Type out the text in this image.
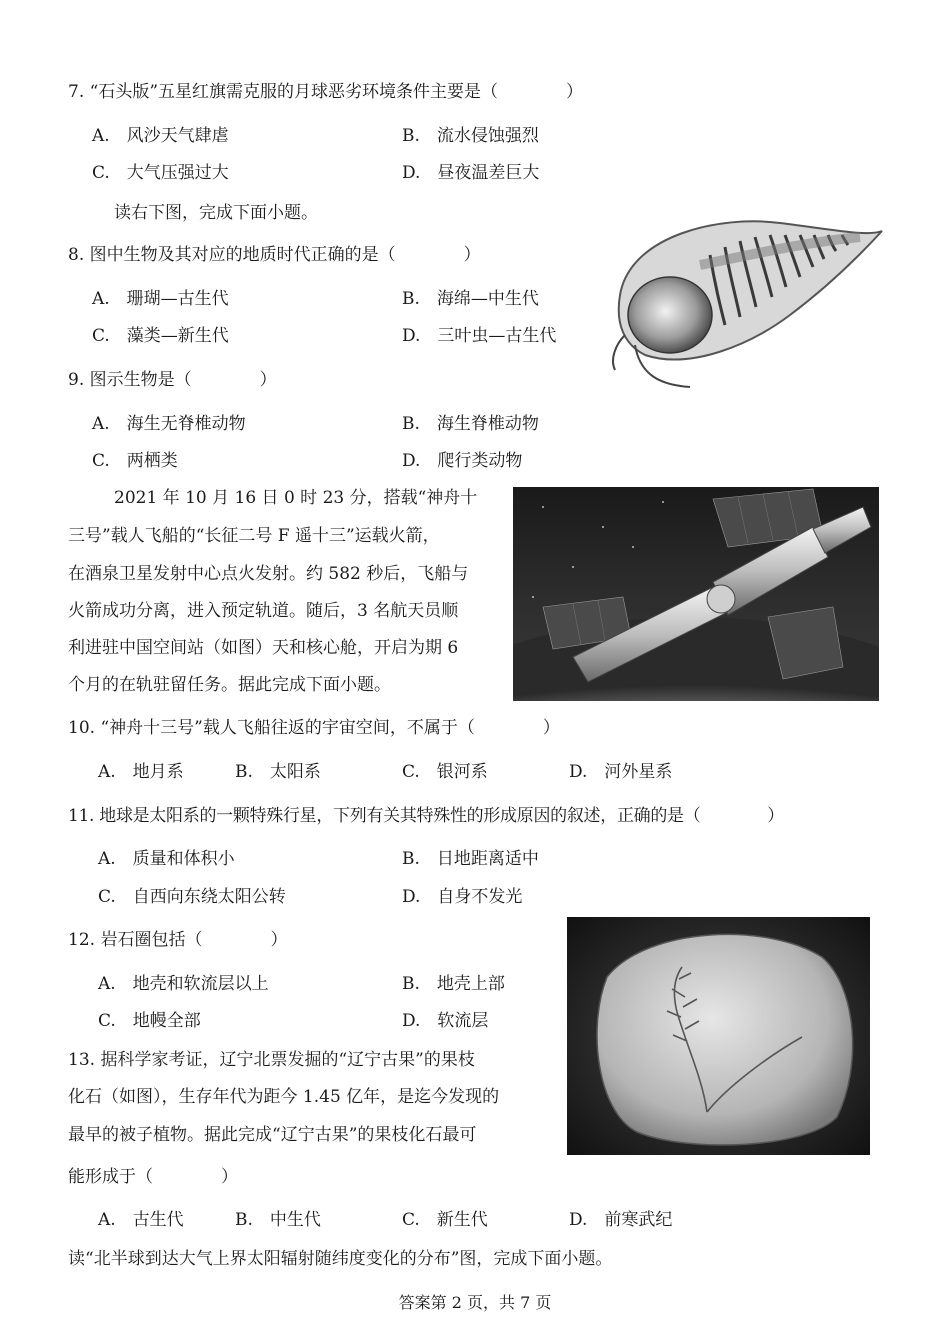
7. “石头版”五星红旗需克服的月球恶劣环境条件主要是（　　　　）
A.　风沙天气肆虐	B.　流水侵蚀强烈
C.　大气压强过大	D.　昼夜温差巨大
读右下图，完成下面小题。
8. 图中生物及其对应的地质时代正确的是（　　　　）
A.　珊瑚—古生代	B.　海绵—中生代
C.　藻类—新生代	D.　三叶虫—古生代
9. 图示生物是（　　　　）
A.　海生无脊椎动物	B.　海生脊椎动物
C.　两栖类	D.　爬行类动物
2021 年 10 月 16 日 0 时 23 分，搭载“神舟十
三号”载人飞船的“长征二号 F 遥十三”运载火箭，
在酒泉卫星发射中心点火发射。约 582 秒后，飞船与
火箭成功分离，进入预定轨道。随后，3 名航天员顺
利进驻中国空间站（如图）天和核心舱，开启为期 6
个月的在轨驻留任务。据此完成下面小题。
10. “神舟十三号”载人飞船往返的宇宙空间，不属于（　　　　）
A.　地月系	B.　太阳系	C.　银河系	D.　河外星系
11. 地球是太阳系的一颗特殊行星，下列有关其特殊性的形成原因的叙述，正确的是（　　　　）
A.　质量和体积小	B.　日地距离适中
C.　自西向东绕太阳公转	D.　自身不发光
12. 岩石圈包括（　　　　）
A.　地壳和软流层以上	B.　地壳上部
C.　地幔全部	D.　软流层
13. 据科学家考证，辽宁北票发掘的“辽宁古果”的果枝
化石（如图），生存年代为距今 1.45 亿年，是迄今发现的
最早的被子植物。据此完成“辽宁古果”的果枝化石最可
能形成于（　　　　）
A.　古生代	B.　中生代	C.　新生代	D.　前寒武纪
读“北半球到达大气上界太阳辐射随纬度变化的分布”图，完成下面小题。
答案第 2 页，共 7 页
